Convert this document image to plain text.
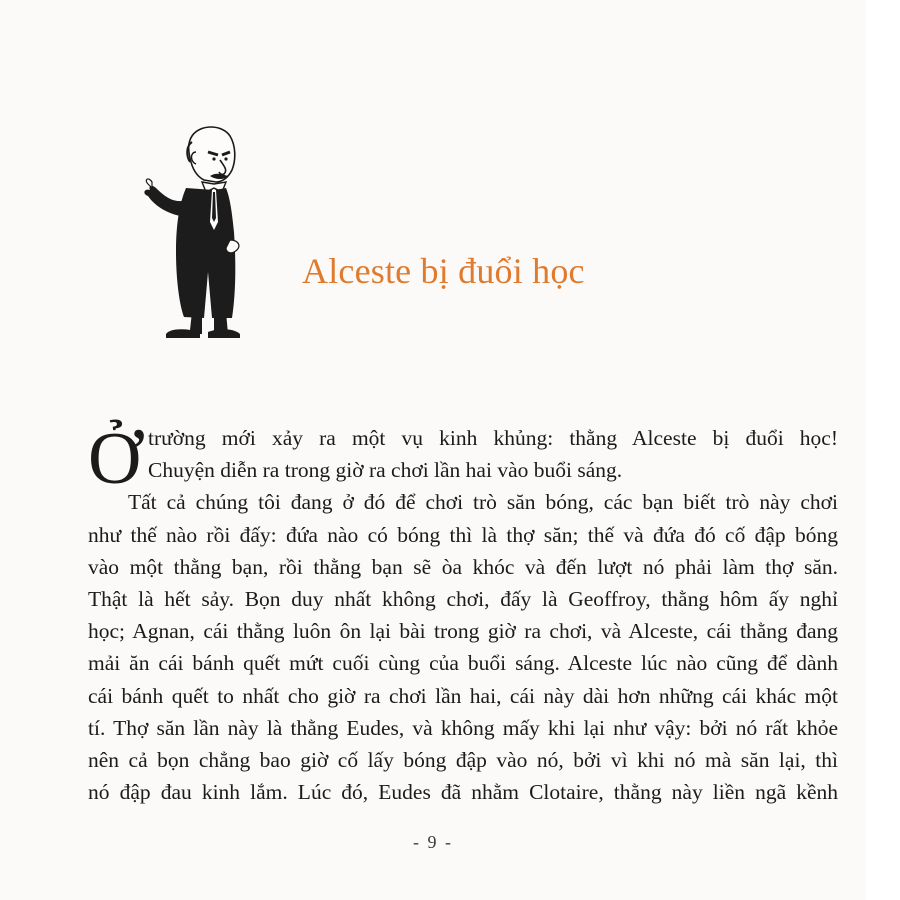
Alceste bị đuổi học
Ở trường mới xảy ra một vụ kinh khủng: thằng Alceste bị đuổi học!
Chuyện diễn ra trong giờ ra chơi lần hai vào buổi sáng.
Tất cả chúng tôi đang ở đó để chơi trò săn bóng, các bạn biết trò này chơi
như thế nào rồi đấy: đứa nào có bóng thì là thợ săn; thế và đứa đó cố đập bóng
vào một thằng bạn, rồi thằng bạn sẽ òa khóc và đến lượt nó phải làm thợ săn.
Thật là hết sảy. Bọn duy nhất không chơi, đấy là Geoffroy, thằng hôm ấy nghỉ
học; Agnan, cái thằng luôn ôn lại bài trong giờ ra chơi, và Alceste, cái thằng đang
mải ăn cái bánh quết mứt cuối cùng của buổi sáng. Alceste lúc nào cũng để dành
cái bánh quết to nhất cho giờ ra chơi lần hai, cái này dài hơn những cái khác một
tí. Thợ săn lần này là thằng Eudes, và không mấy khi lại như vậy: bởi nó rất khỏe
nên cả bọn chẳng bao giờ cố lấy bóng đập vào nó, bởi vì khi nó mà săn lại, thì
nó đập đau kinh lắm. Lúc đó, Eudes đã nhằm Clotaire, thằng này liền ngã kềnh
- 9 -
